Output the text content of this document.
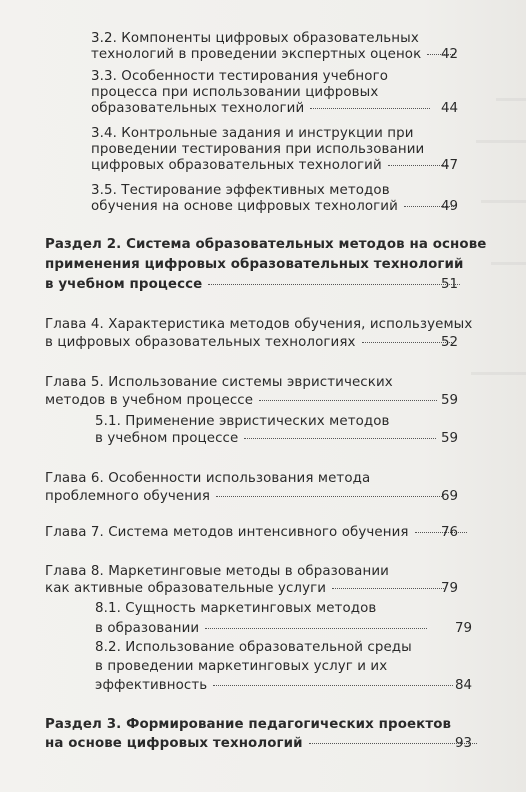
3.2. Компоненты цифровых образовательных
технологий в проведении экспертных оценок	42
3.3. Особенности тестирования учебного
процесса при использовании цифровых
образовательных технологий	44
3.4. Контрольные задания и инструкции при
проведении тестирования при использовании
цифровых образовательных технологий	47
3.5. Тестирование эффективных методов
обучения на основе цифровых технологий	49
Раздел 2. Система образовательных методов на основе
применения цифровых образовательных технологий
в учебном процессе	51
Глава 4. Характеристика методов обучения, используемых
в цифровых образовательных технологиях	52
Глава 5. Использование системы эвристических
методов в учебном процессе	59
5.1. Применение эвристических методов
в учебном процессе	59
Глава 6. Особенности использования метода
проблемного обучения	69
Глава 7. Система методов интенсивного обучения	76
Глава 8. Маркетинговые методы в образовании
как активные образовательные услуги	79
8.1. Сущность маркетинговых методов
в образовании	79
8.2. Использование образовательной среды
в проведении маркетинговых услуг и их
эффективность	84
Раздел 3. Формирование педагогических проектов
на основе цифровых технологий	93
